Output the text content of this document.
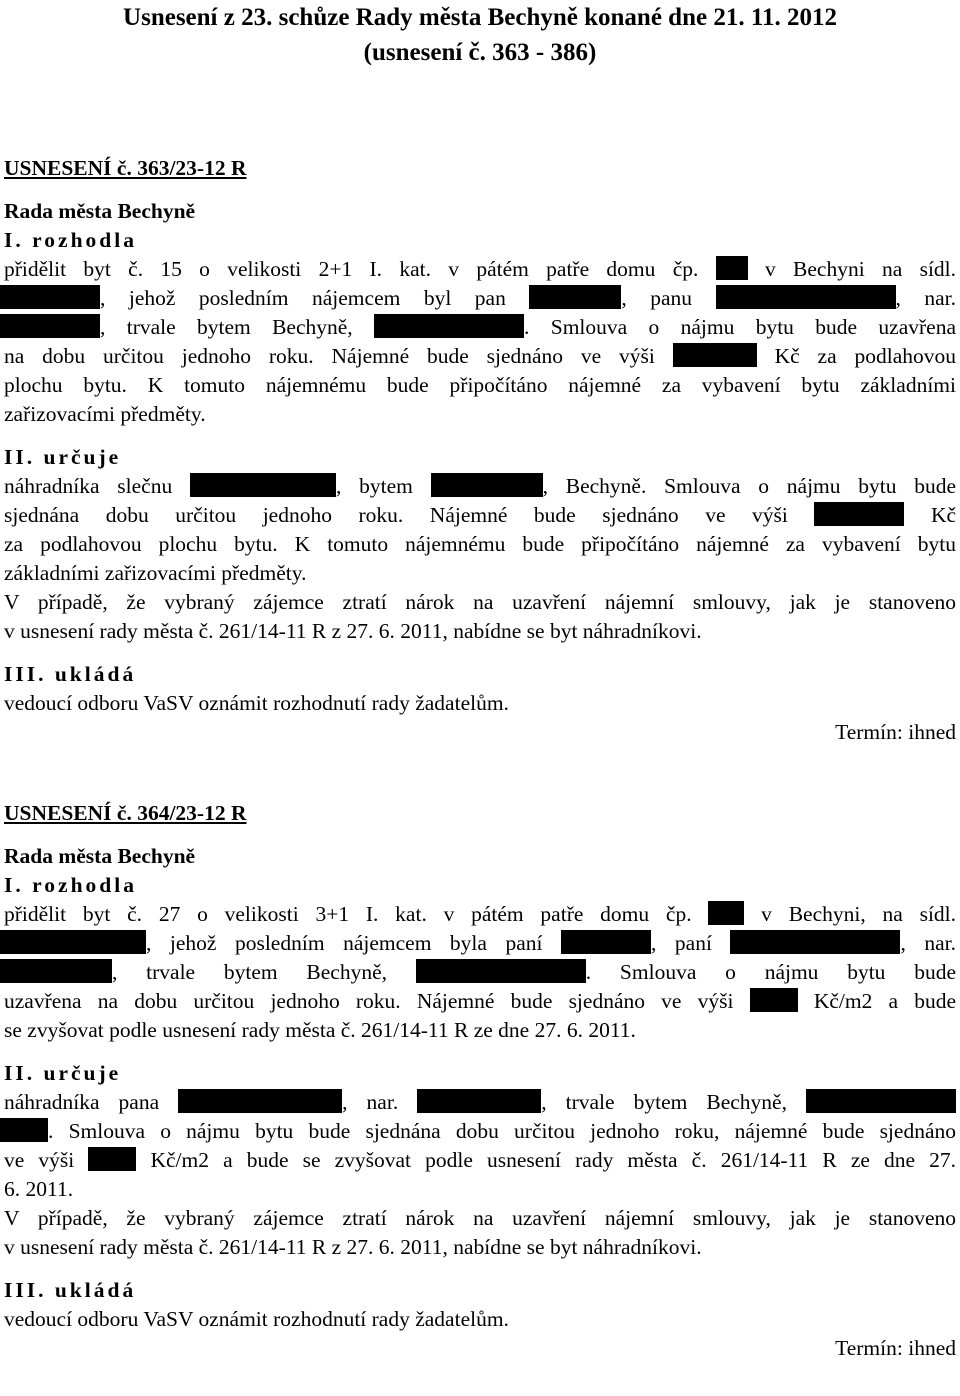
Usnesení z 23. schůze Rady města Bechyně konané dne 21. 11. 2012

(usnesení č. 363 - 386)

USNESENÍ č. 363/23-12 R

Rada města Bechyně

I. rozhodla

přidělit byt č. 15 o velikosti 2+1 I. kat. v pátém patře domu čp.	v Bechyni na sídl.

, jehož posledním nájemcem byl pan	, panu	, nar.

, trvale bytem Bechyně,	. Smlouva o nájmu bytu bude uzavřena

na dobu určitou jednoho roku. Nájemné bude sjednáno ve výši	Kč za podlahovou

plochu bytu. K tomuto nájemnému bude připočítáno nájemné za vybavení bytu základními

zařizovacími předměty.

II. určuje

náhradníka slečnu	, bytem	, Bechyně. Smlouva o nájmu bytu bude

sjednána dobu určitou jednoho roku. Nájemné bude sjednáno ve výši	Kč

za podlahovou plochu bytu. K tomuto nájemnému bude připočítáno nájemné za vybavení bytu

základními zařizovacími předměty.

V případě, že vybraný zájemce ztratí nárok na uzavření nájemní smlouvy, jak je stanoveno

v usnesení rady města č. 261/14-11 R z 27. 6. 2011, nabídne se byt náhradníkovi.

III. ukládá

vedoucí odboru VaSV oznámit rozhodnutí rady žadatelům.

Termín: ihned

USNESENÍ č. 364/23-12 R

Rada města Bechyně

I. rozhodla

přidělit byt č. 27 o velikosti 3+1 I. kat. v pátém patře domu čp.	v Bechyni, na sídl.

, jehož posledním nájemcem byla paní	, paní	, nar.

, trvale bytem Bechyně,	. Smlouva o nájmu bytu bude

uzavřena na dobu určitou jednoho roku. Nájemné bude sjednáno ve výši	Kč/m2 a bude

se zvyšovat podle usnesení rady města č. 261/14-11 R ze dne 27. 6. 2011.

II. určuje

náhradníka pana	, nar.	, trvale bytem Bechyně,

. Smlouva o nájmu bytu bude sjednána dobu určitou jednoho roku, nájemné bude sjednáno

ve výši	Kč/m2 a bude se zvyšovat podle usnesení rady města č. 261/14-11 R ze dne 27.

6. 2011.

V případě, že vybraný zájemce ztratí nárok na uzavření nájemní smlouvy, jak je stanoveno

v usnesení rady města č. 261/14-11 R z 27. 6. 2011, nabídne se byt náhradníkovi.

III. ukládá

vedoucí odboru VaSV oznámit rozhodnutí rady žadatelům.

Termín: ihned
